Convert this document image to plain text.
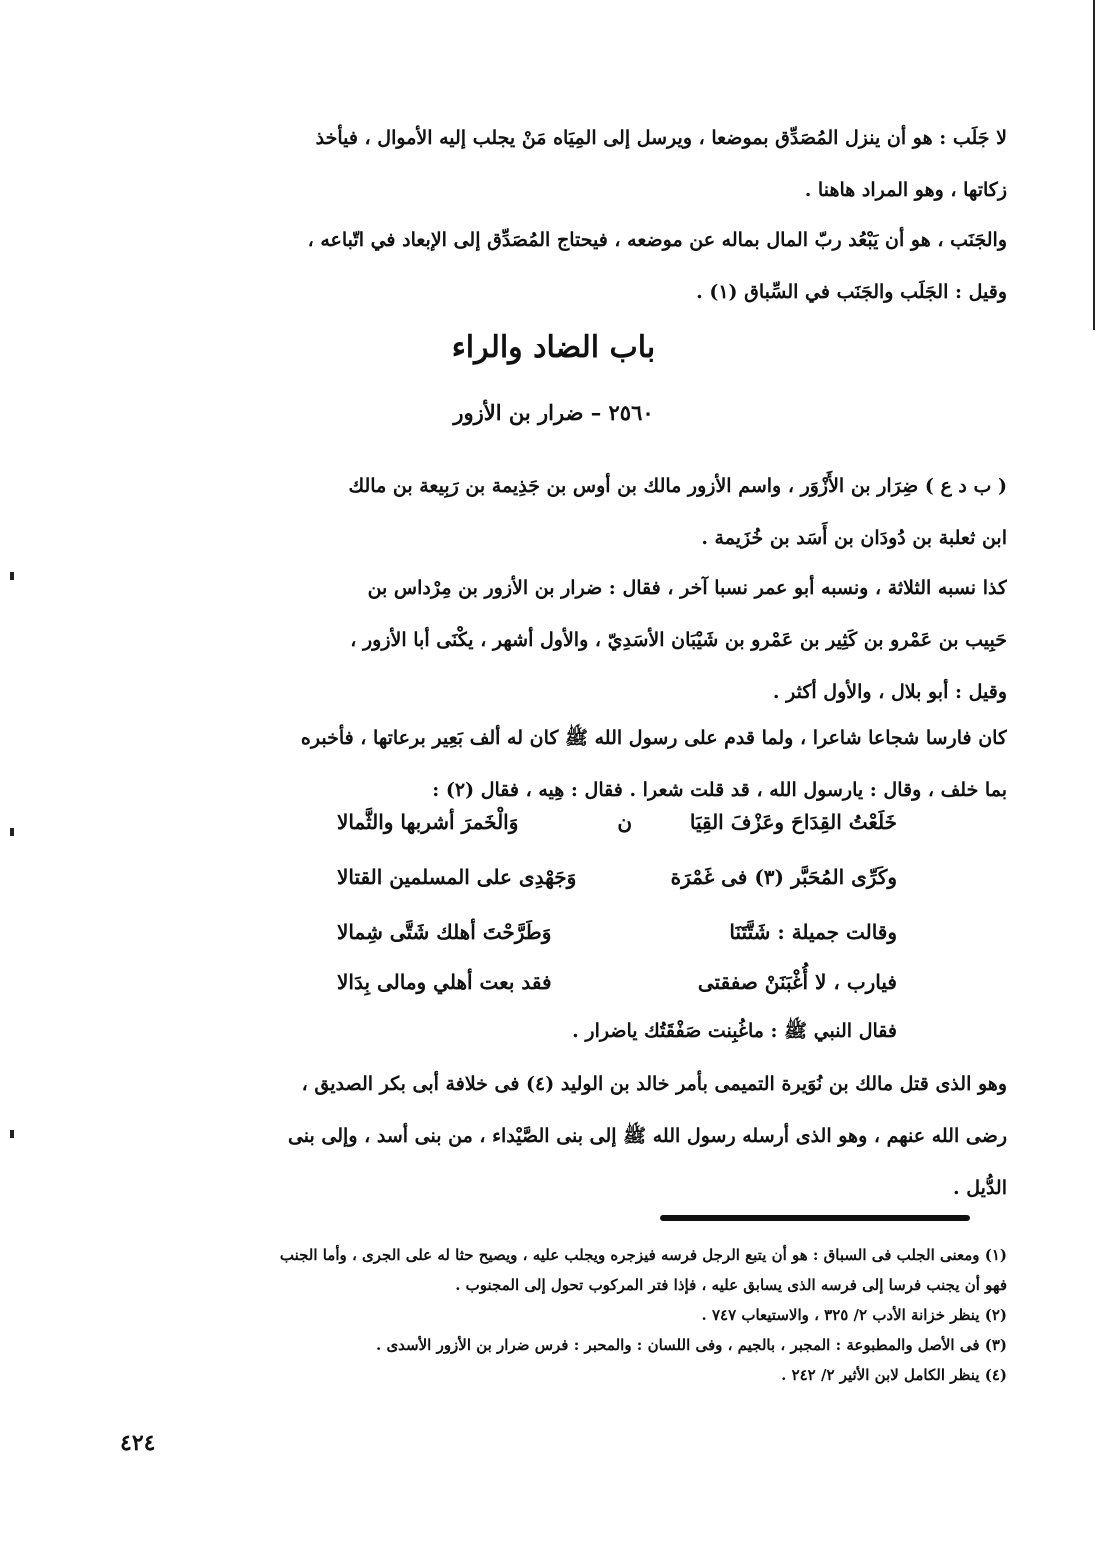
لا جَلَب : هو أن ينزل المُصَدِّق بموضعا ، ويرسل إلى المِيَاه مَنْ يجلب إليه الأموال ، فيأخذ
زكاتها ، وهو المراد هاهنا .
والجَنَب ، هو أن يَبْعُد ربّ المال بماله عن موضعه ، فيحتاج المُصَدِّق إلى الإبعاد في اتّباعه ،
وقيل : الجَلَب والجَنَب في السِّباق (١) .
باب الضاد والراء
٢٥٦٠ – ضرار بن الأزور
( ب د ع ) ضِرَار بن الأَزْوَر ، واسم الأزور مالك بن أوس بن جَذِيمة بن رَبِيعة بن مالك
ابن ثعلبة بن دُودَان بن أَسَد بن خُزَيمة .
كذا نسبه الثلاثة ، ونسبه أبو عمر نسبا آخر ، فقال : ضرار بن الأزور بن مِرْداس بن
حَبِيب بن عَمْرو بن كَثِير بن عَمْرو بن شَيْبَان الأسَدِيّ ، والأول أشهر ، يكْنَى أبا الأزور ،
وقيل : أبو بلال ، والأول أكثر .
كان فارسا شجاعا شاعرا ، ولما قدم على رسول الله ﷺ كان له ألف بَعِير برعاتها ، فأخبره
بما خلف ، وقال : يارسول الله ، قد قلت شعرا . فقال : هِيه ، فقال (٢) :
خَلَعْتُ القِدَاحَ وعَزْفَ القِيَا
ن
وَالْخَمرَ أشربها والثَّمالا
وكَرِّى المُحَبَّر (٣) فى غَمْرَة
وَجَهْدِى على المسلمين القتالا
وقالت جميلة : شَتَّتَنَا
وَطَرَّحْتَ أهلك شَتَّى شِمالا
فيارب ، لا أُغْبَنَنْ صفقتى
فقد بعت أهلي ومالى بِدَالا
فقال النبي ﷺ : ماغُبِنت صَفْقَتُك ياضرار .
وهو الذى قتل مالك بن نُوَيرة التميمى بأمر خالد بن الوليد (٤) فى خلافة أبى بكر الصديق ،
رضى الله عنهم ، وهو الذى أرسله رسول الله ﷺ إلى بنى الصَّيْداء ، من بنى أسد ، وإلى بنى
الدُّيل .
(١) ومعنى الجلب فى السباق : هو أن يتبع الرجل فرسه فيزجره ويجلب عليه ، ويصيح حثا له على الجرى ، وأما الجنب
فهو أن يجنب فرسا إلى فرسه الذى يسابق عليه ، فإذا فتر المركوب تحول إلى المجنوب .
(٢) ينظر خزانة الأدب ٢/ ٣٢٥ ، والاستيعاب ٧٤٧ .
(٣) فى الأصل والمطبوعة : المجبر ، بالجيم ، وفى اللسان : والمحبر : فرس ضرار بن الأزور الأسدى .
(٤) ينظر الكامل لابن الأثير ٢/ ٢٤٢ .
٤٢٤
